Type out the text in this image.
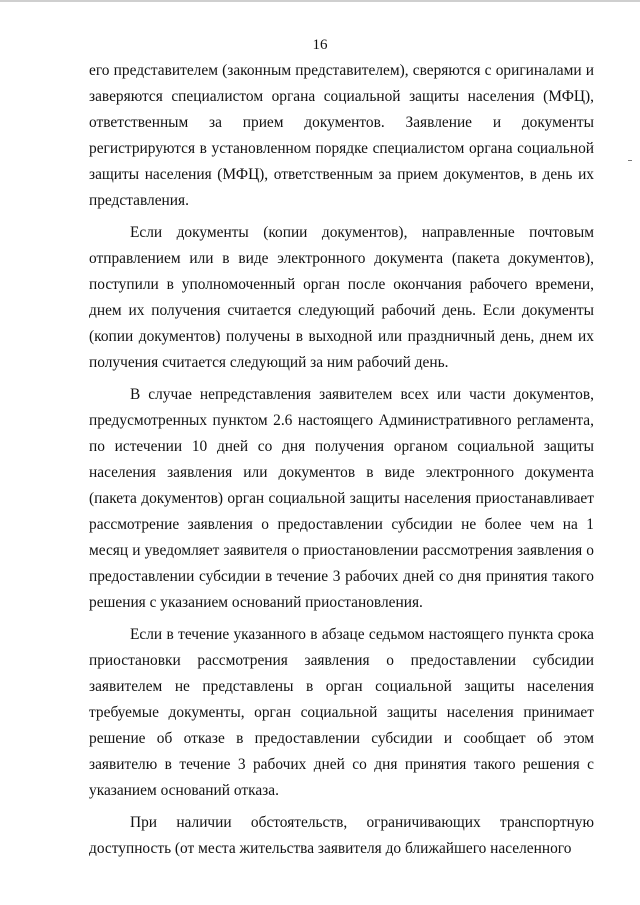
16

его представителем (законным представителем), сверяются с оригиналами и заверяются специалистом органа социальной защиты населения (МФЦ), ответственным за прием документов. Заявление и документы регистрируются в установленном порядке специалистом органа социальной защиты населения (МФЦ), ответственным за прием документов, в день их представления.

Если документы (копии документов), направленные почтовым отправлением или в виде электронного документа (пакета документов), поступили в уполномоченный орган после окончания рабочего времени, днем их получения считается следующий рабочий день. Если документы (копии документов) получены в выходной или праздничный день, днем их получения считается следующий за ним рабочий день.

В случае непредставления заявителем всех или части документов, предусмотренных пунктом 2.6 настоящего Административного регламента, по истечении 10 дней со дня получения органом социальной защиты населения заявления или документов в виде электронного документа (пакета документов) орган социальной защиты населения приостанавливает рассмотрение заявления о предоставлении субсидии не более чем на 1 месяц и уведомляет заявителя о приостановлении рассмотрения заявления о предоставлении субсидии в течение 3 рабочих дней со дня принятия такого решения с указанием оснований приостановления.

Если в течение указанного в абзаце седьмом настоящего пункта срока приостановки рассмотрения заявления о предоставлении субсидии заявителем не представлены в орган социальной защиты населения требуемые документы, орган социальной защиты населения принимает решение об отказе в предоставлении субсидии и сообщает об этом заявителю в течение 3 рабочих дней со дня принятия такого решения с указанием оснований отказа.

При наличии обстоятельств, ограничивающих транспортную доступность (от места жительства заявителя до ближайшего населенного
